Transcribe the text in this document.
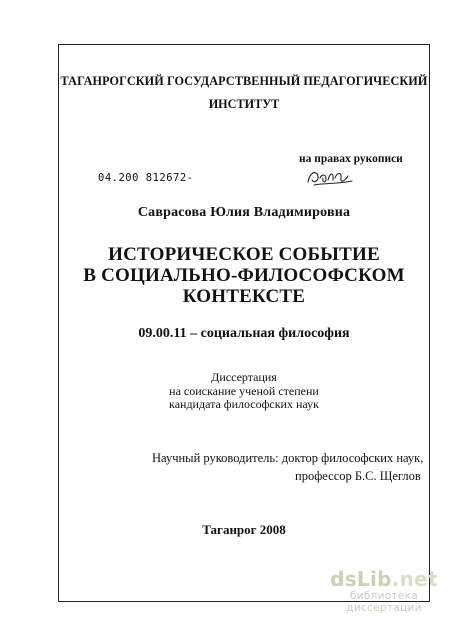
ТАГАНРОГСКИЙ ГОСУДАРСТВЕННЫЙ ПЕДАГОГИЧЕСКИЙ
ИНСТИТУТ
на правах рукописи
04.200 812672-
Саврасова Юлия Владимировна
ИСТОРИЧЕСКОЕ СОБЫТИЕ
В СОЦИАЛЬНО-ФИЛОСОФСКОМ
КОНТЕКСТЕ
09.00.11 – социальная философия
Диссертация
на соискание ученой степени
кандидата философских наук
Научный руководитель: доктор философских наук,
профессор Б.С. Щеглов
Таганрог 2008
dsLib.net
библиотека диссертаций
